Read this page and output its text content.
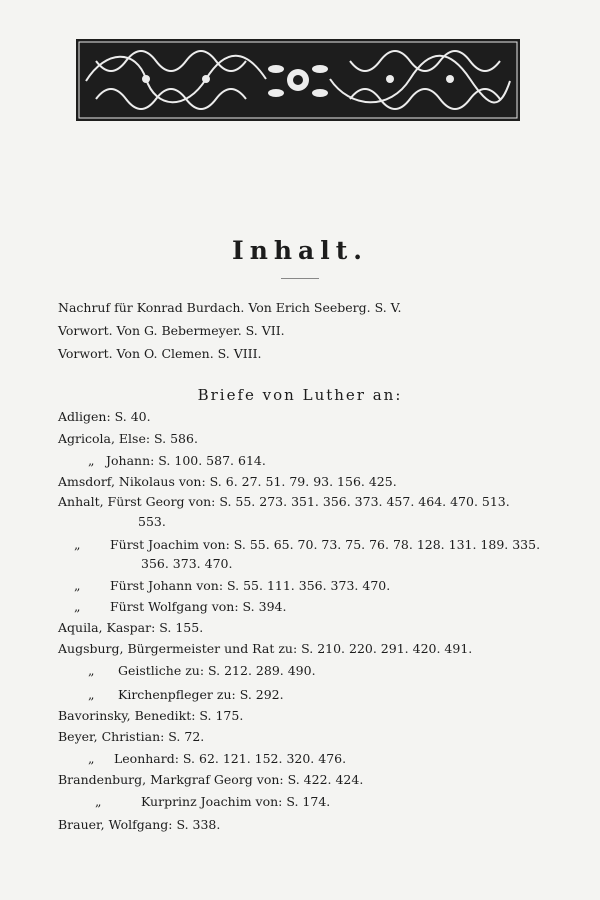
Inhalt.
Nachruf für Konrad Burdach. Von Erich Seeberg. S. V.
Vorwort. Von G. Bebermeyer. S. VII.
Vorwort. Von O. Clemen. S. VIII.
Briefe von Luther an:
Adligen: S. 40.
Agricola, Else: S. 586.
„ Johann: S. 100. 587. 614.
Amsdorf, Nikolaus von: S. 6. 27. 51. 79. 93. 156. 425.
Anhalt, Fürst Georg von: S. 55. 273. 351. 356. 373. 457. 464. 470. 513.
553.
„ Fürst Joachim von: S. 55. 65. 70. 73. 75. 76. 78. 128. 131. 189. 335.
356. 373. 470.
„ Fürst Johann von: S. 55. 111. 356. 373. 470.
„ Fürst Wolfgang von: S. 394.
Aquila, Kaspar: S. 155.
Augsburg, Bürgermeister und Rat zu: S. 210. 220. 291. 420. 491.
„ Geistliche zu: S. 212. 289. 490.
„ Kirchenpfleger zu: S. 292.
Bavorinsky, Benedikt: S. 175.
Beyer, Christian: S. 72.
„ Leonhard: S. 62. 121. 152. 320. 476.
Brandenburg, Markgraf Georg von: S. 422. 424.
„	Kurprinz Joachim von: S. 174.
Brauer, Wolfgang: S. 338.
